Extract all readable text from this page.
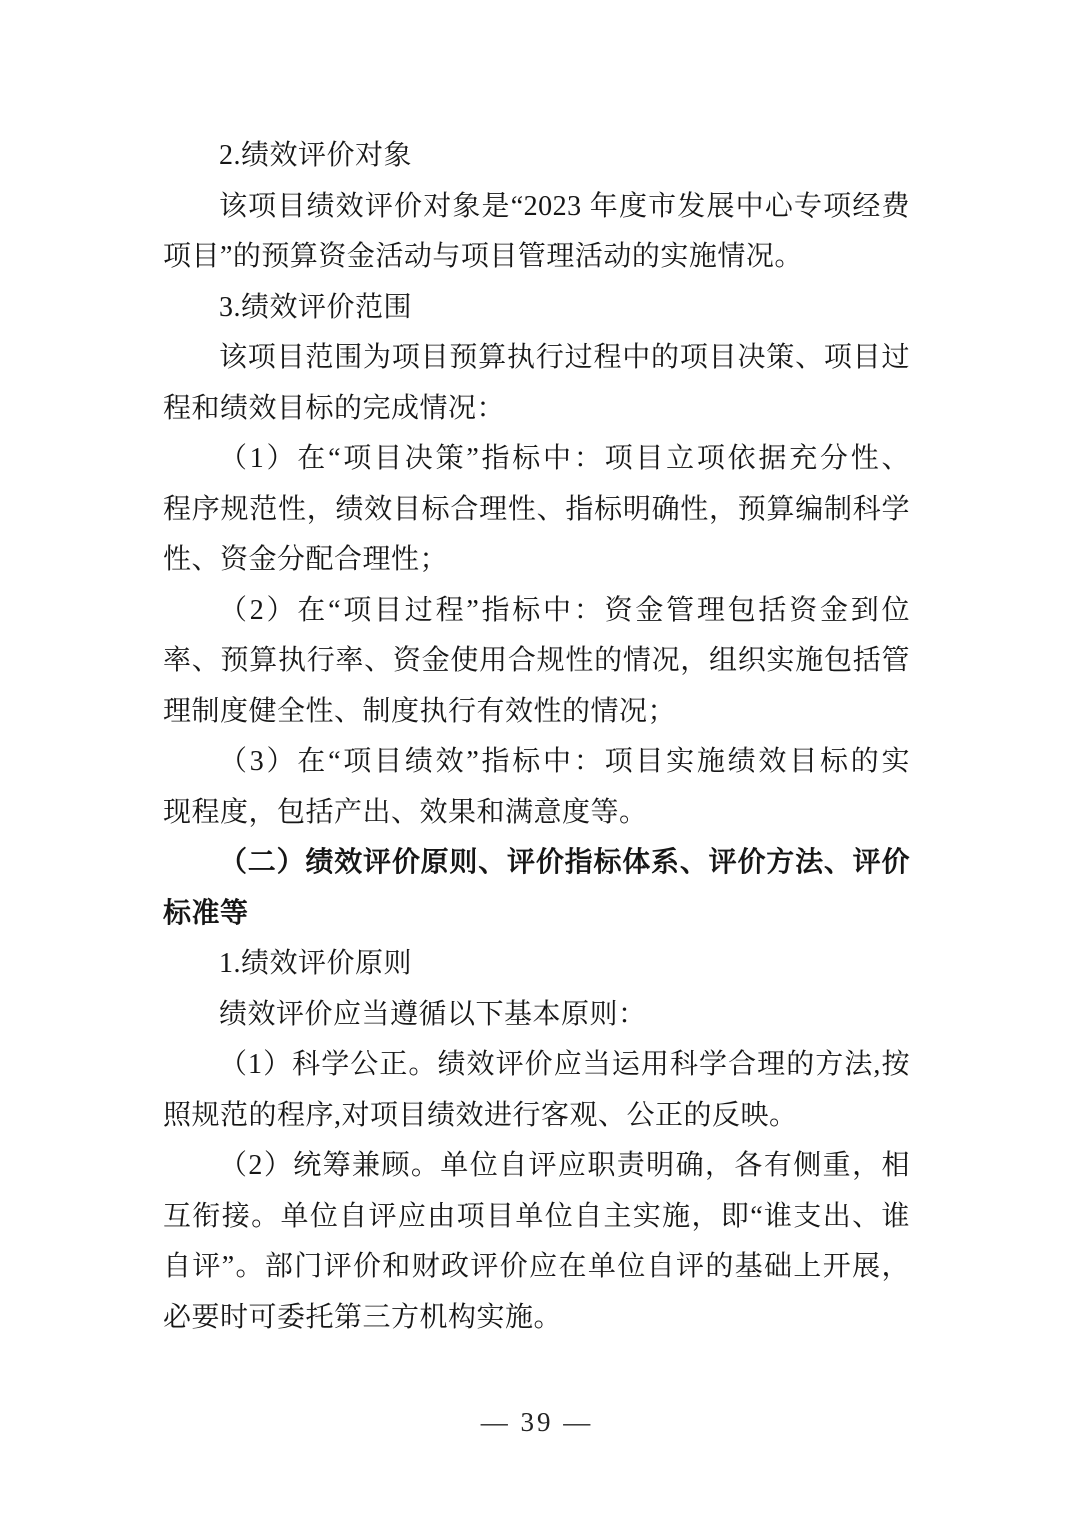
2.绩效评价对象
该项目绩效评价对象是“2023 年度市发展中心专项经费
项目”的预算资金活动与项目管理活动的实施情况。
3.绩效评价范围
该项目范围为项目预算执行过程中的项目决策、项目过
程和绩效目标的完成情况：
（1）在“项目决策”指标中：项目立项依据充分性、
程序规范性，绩效目标合理性、指标明确性，预算编制科学
性、资金分配合理性；
（2）在“项目过程”指标中：资金管理包括资金到位
率、预算执行率、资金使用合规性的情况，组织实施包括管
理制度健全性、制度执行有效性的情况；
（3）在“项目绩效”指标中：项目实施绩效目标的实
现程度，包括产出、效果和满意度等。
（二）绩效评价原则、评价指标体系、评价方法、评价
标准等
1.绩效评价原则
绩效评价应当遵循以下基本原则：
（1）科学公正。绩效评价应当运用科学合理的方法,按
照规范的程序,对项目绩效进行客观、公正的反映。
（2）统筹兼顾。单位自评应职责明确，各有侧重，相
互衔接。单位自评应由项目单位自主实施，即“谁支出、谁
自评”。部门评价和财政评价应在单位自评的基础上开展，
必要时可委托第三方机构实施。
— 39 —
